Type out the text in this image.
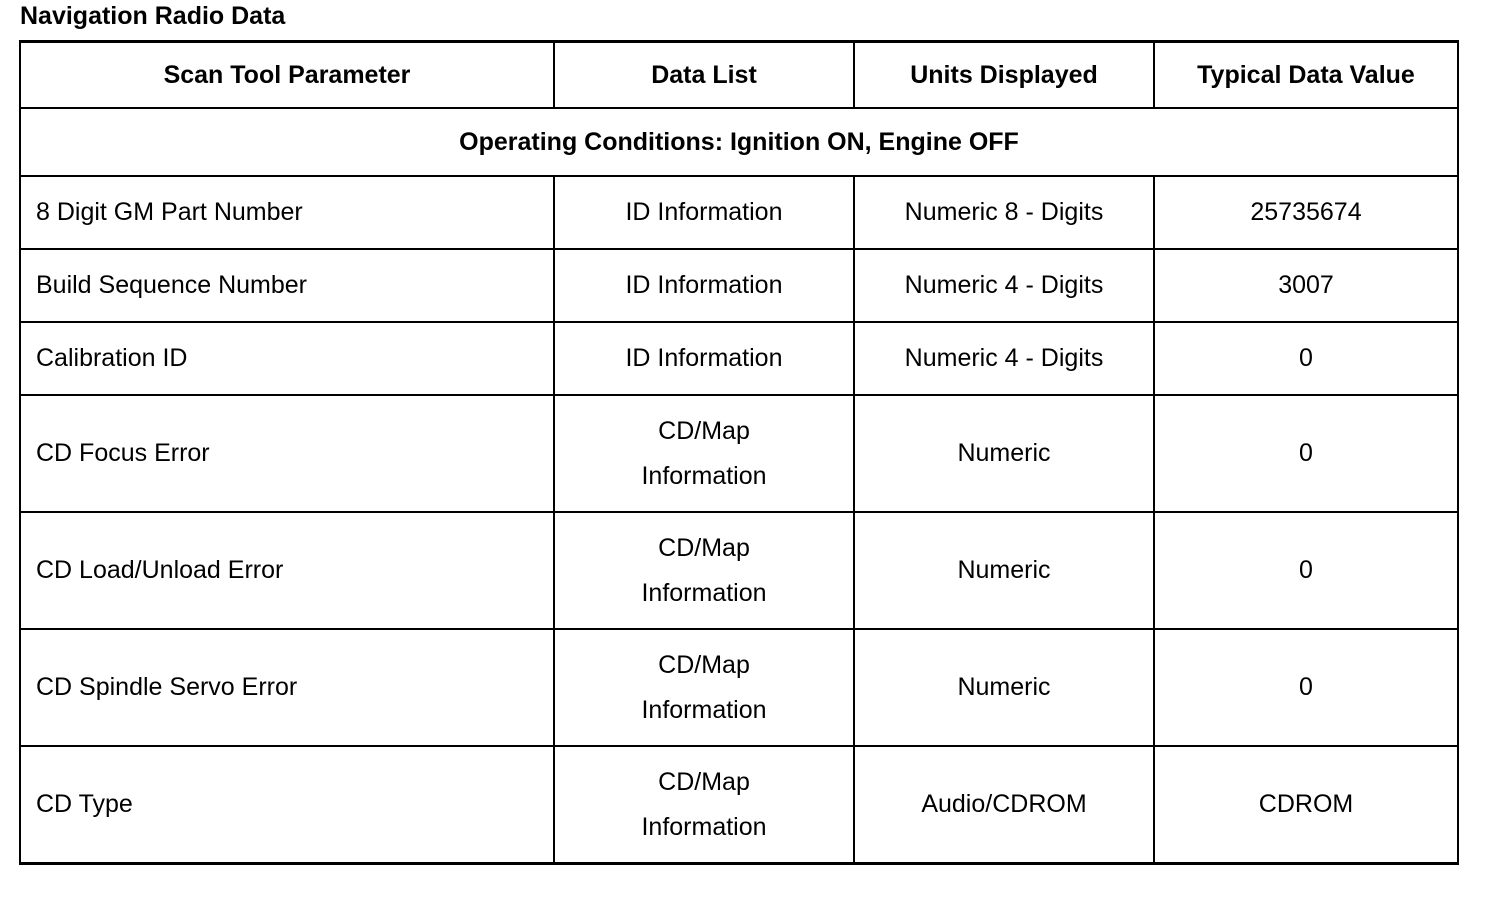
Navigation Radio Data
Scan Tool Parameter	Data List	Units Displayed	Typical Data Value
Operating Conditions: Ignition ON, Engine OFF			
8 Digit GM Part Number	ID Information	Numeric 8 - Digits	25735674
Build Sequence Number	ID Information	Numeric 4 - Digits	3007
Calibration ID	ID Information	Numeric 4 - Digits	0
CD Focus Error	CD/Map Information	Numeric	0
CD Load/Unload Error	CD/Map Information	Numeric	0
CD Spindle Servo Error	CD/Map Information	Numeric	0
CD Type	CD/Map Information	Audio/CDROM	CDROM
